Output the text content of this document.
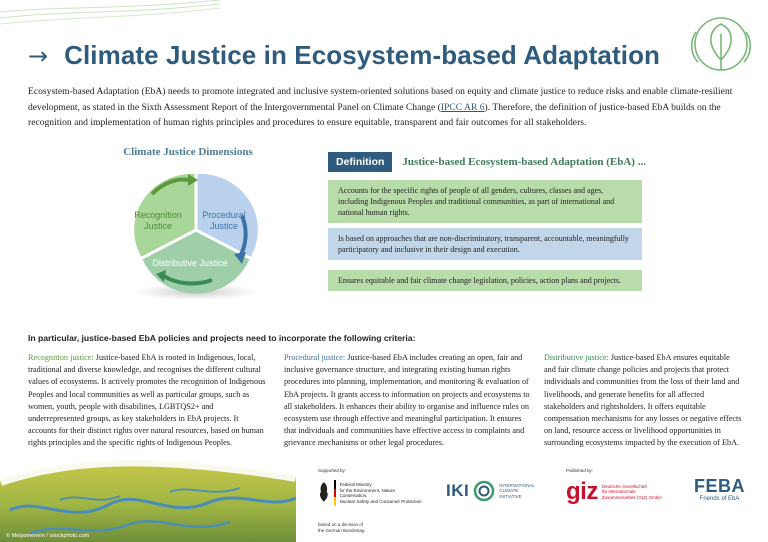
→ Climate Justice in Ecosystem-based Adaptation

Ecosystem-based Adaptation (EbA) needs to promote integrated and inclusive system-oriented solutions based on equity and climate justice to reduce risks and enable climate-resilient development, as stated in the Sixth Assessment Report of the Intergovernmental Panel on Climate Change (IPCC AR 6). Therefore, the definition of justice-based EbA builds on the recognition and implementation of human rights principles and procedures to ensure equitable, transparent and fair outcomes for all stakeholders.

Climate Justice Dimensions
Recognition Justice
Procedural Justice
Distributive Justice
Definition	Justice-based Ecosystem-based Adaptation (EbA) ...
Accounts for the specific rights of people of all genders, cultures, classes and ages, including Indigenous Peoples and traditional communities, as part of international and national human rights.
Is based on approaches that are non-discriminatory, transparent, accountable, meaningfully participatory and inclusive in their design and execution.
Ensures equitable and fair climate change legislation, policies, action plans and projects.
In particular, justice-based EbA policies and projects need to incorporate the following criteria:

Recognition justice: Justice-based EbA is rooted in Indigenous, local, traditional and diverse knowledge, and recognises the different cultural values of ecosystems. It actively promotes the recognition of Indigenous Peoples and local communities as well as particular groups, such as women, youth, people with disabilities, LGBTQS2+ and underrepresented groups, as key stakeholders in EbA projects. It accounts for their distinct rights over natural resources, based on human rights principles and the specific rights of Indigenous Peoples.

Procedural justice: Justice-based EbA includes creating an open, fair and inclusive governance structure, and integrating existing human rights procedures into planning, implementation, and monitoring & evaluation of EbA projects. It grants access to information on projects and ecosystems to all stakeholders. It enhances their ability to organise and influence rules on ecosystem use through effective and meaningful participation. It ensures that individuals and communities have effective access to complaints and grievance mechanisms or other legal procedures.

Distributive justice: Justice-based EbA ensures equitable and fair climate change policies and projects that protect individuals and communities from the loss of their land and livelihoods, and generate benefits for all affected stakeholders and rightsholders. It offers equitable compensation mechanisms for any losses or negative effects on land, resource access or livelihood opportunities in surrounding ecosystems impacted by the execution of EbA.

© Melpomenem / istockphoto.com
Supported by:	Published by:
Federal Ministry
for the Environment, Nature Conservation,
Nuclear Safety and Consumer Protection
based on a decision of
the German Bundestag
IKI	INTERNATIONAL
CLIMATE
INITIATIVE	giz Deutsche Gesellschaft
für Internationale
Zusammenarbeit (GIZ) GmbH
FEBA
Friends of EbA
